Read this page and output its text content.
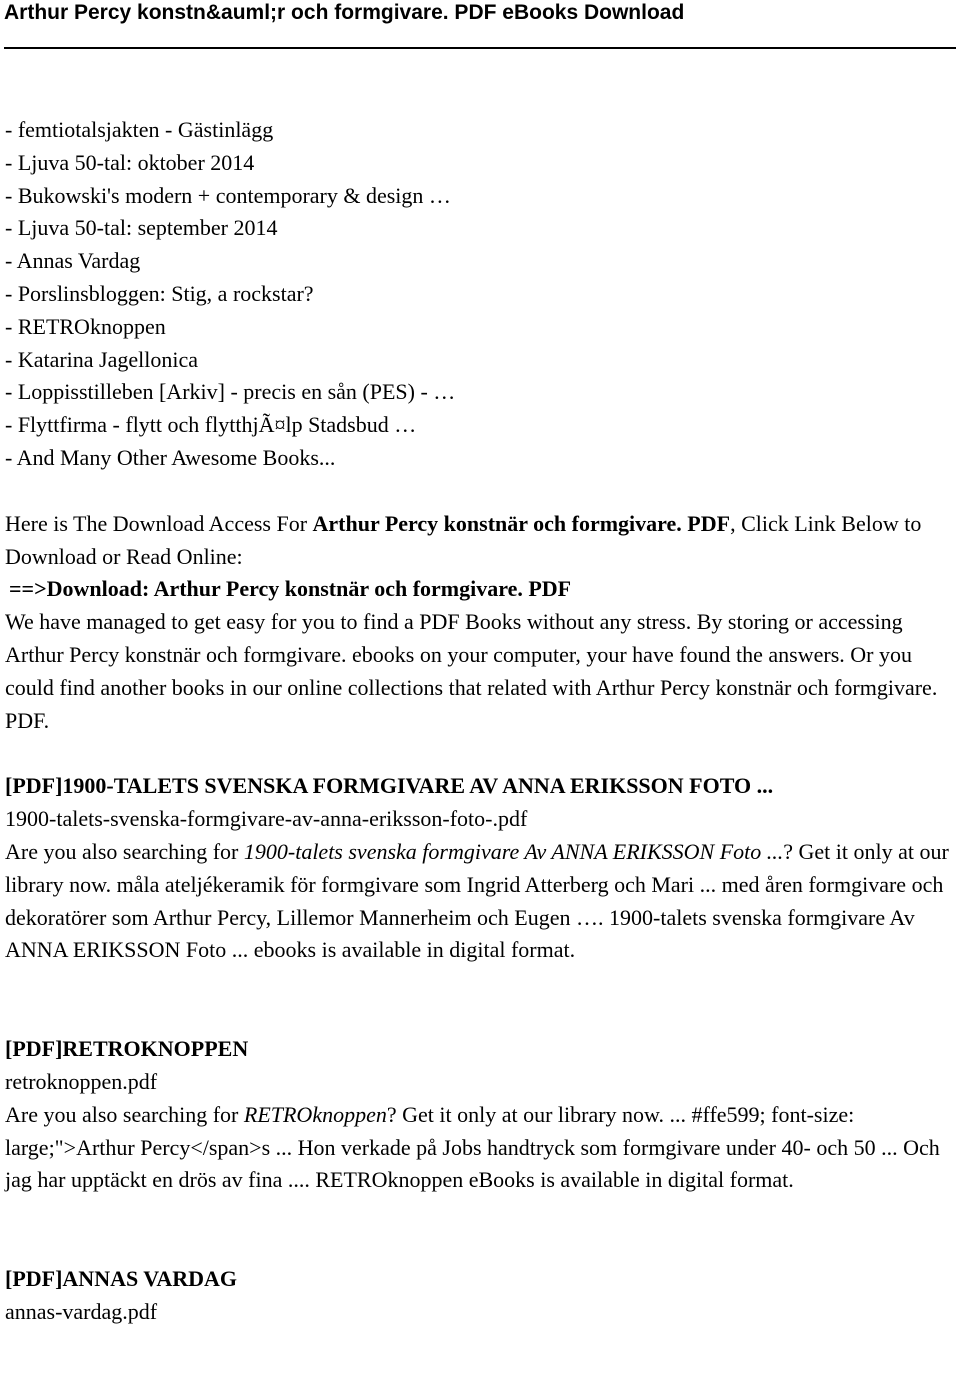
Arthur Percy konstn&auml;r och formgivare. PDF eBooks Download
- femtiotalsjakten - Gästinlägg
- Ljuva 50-tal: oktober 2014
- Bukowski's modern + contemporary & design …
- Ljuva 50-tal: september 2014
- Annas Vardag
- Porslinsbloggen: Stig, a rockstar?
- RETROknoppen
- Katarina Jagellonica
- Loppisstilleben [Arkiv] - precis en sån (PES) - …
- Flyttfirma - flytt och flytthjÃ¤lp Stadsbud …
- And Many Other Awesome Books...

Here is The Download Access For Arthur Percy konstnär och formgivare. PDF, Click Link Below to Download or Read Online:

==>Download: Arthur Percy konstnär och formgivare. PDF

We have managed to get easy for you to find a PDF Books without any stress. By storing or accessing Arthur Percy konstnär och formgivare. ebooks on your computer, your have found the answers. Or you could find another books in our online collections that related with Arthur Percy konstnär och formgivare. PDF.

[PDF]1900-TALETS SVENSKA FORMGIVARE AV ANNA ERIKSSON FOTO ...
1900-talets-svenska-formgivare-av-anna-eriksson-foto-.pdf

Are you also searching for 1900-talets svenska formgivare Av ANNA ERIKSSON Foto ...? Get it only at our library now. måla ateljékeramik för formgivare som Ingrid Atterberg och Mari ... med åren formgivare och dekoratörer som Arthur Percy, Lillemor Mannerheim och Eugen …. 1900-talets svenska formgivare Av ANNA ERIKSSON Foto ... ebooks is available in digital format.

[PDF]RETROKNOPPEN
retroknoppen.pdf

Are you also searching for RETROknoppen? Get it only at our library now. ... #ffe599; font-size: large;">Arthur Percy</span>s ... Hon verkade på Jobs handtryck som formgivare under 40- och 50 ... Och jag har upptäckt en drös av fina .... RETROknoppen eBooks is available in digital format.

[PDF]ANNAS VARDAG
annas-vardag.pdf
